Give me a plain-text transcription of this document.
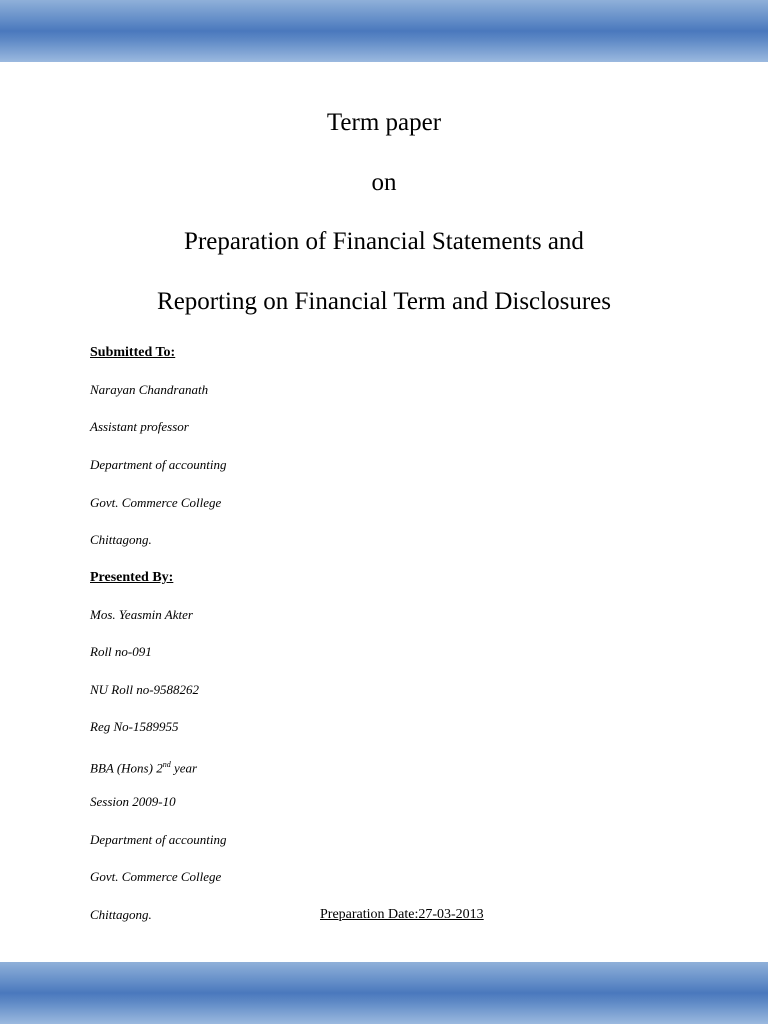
Term paper
on
Preparation of Financial Statements and
Reporting on Financial Term and Disclosures
Submitted To:
Narayan Chandranath
Assistant professor
Department of accounting
Govt. Commerce College
Chittagong.
Presented By:
Mos. Yeasmin Akter
Roll no-091
NU Roll no-9588262
Reg No-1589955
BBA (Hons) 2nd year
Session 2009-10
Department of accounting
Govt. Commerce College
Chittagong.	Preparation Date:27-03-2013
